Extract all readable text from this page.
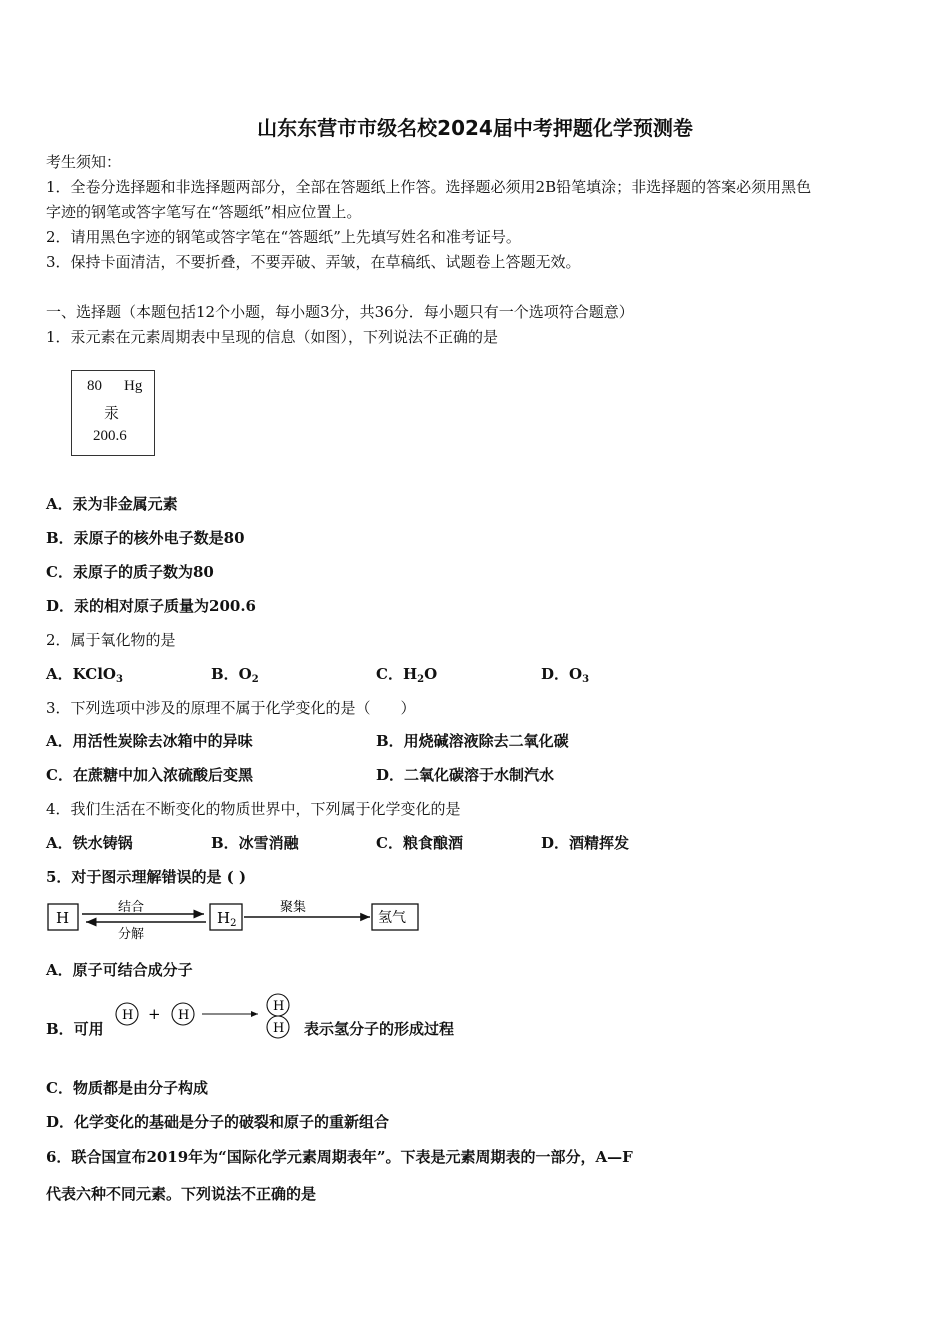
山东东营市市级名校2024届中考押题化学预测卷
考生须知：
1．全卷分选择题和非选择题两部分，全部在答题纸上作答。选择题必须用2B铅笔填涂；非选择题的答案必须用黑色
字迹的钢笔或答字笔写在“答题纸”相应位置上。
2．请用黑色字迹的钢笔或答字笔在“答题纸”上先填写姓名和准考证号。
3．保持卡面清洁，不要折叠，不要弄破、弄皱，在草稿纸、试题卷上答题无效。
一、选择题（本题包括12个小题，每小题3分，共36分．每小题只有一个选项符合题意）
1．汞元素在元素周期表中呈现的信息（如图），下列说法不正确的是
80 Hg
汞
200.6
A．汞为非金属元素
B．汞原子的核外电子数是80
C．汞原子的质子数为80
D．汞的相对原子质量为200.6
2．属于氧化物的是
A．KClO$_3$	B．$O_2$	C．$H_2O$	D．$O_3$
3．下列选项中涉及的原理不属于化学变化的是（　　）
A．用活性炭除去冰箱中的异味	B．用烧碱溶液除去二氧化碳
C．在蔗糖中加入浓硫酸后变黑	D．二氧化碳溶于水制汽水
4．我们生活在不断变化的物质世界中，下列属于化学变化的是
A．铁水铸锅	B．冰雪消融	C．粮食酿酒	D．酒精挥发
5．对于图示理解错误的是 ( )
H
结合
分解
$H_2$
聚集
氢气
A．原子可结合成分子
B．可用
H + H
H
H 表示氢分子的形成过程
C．物质都是由分子构成
D．化学变化的基础是分子的破裂和原子的重新组合
6．联合国宣布2019年为“国际化学元素周期表年”。下表是元素周期表的一部分，A—F
代表六种不同元素。下列说法不正确的是
